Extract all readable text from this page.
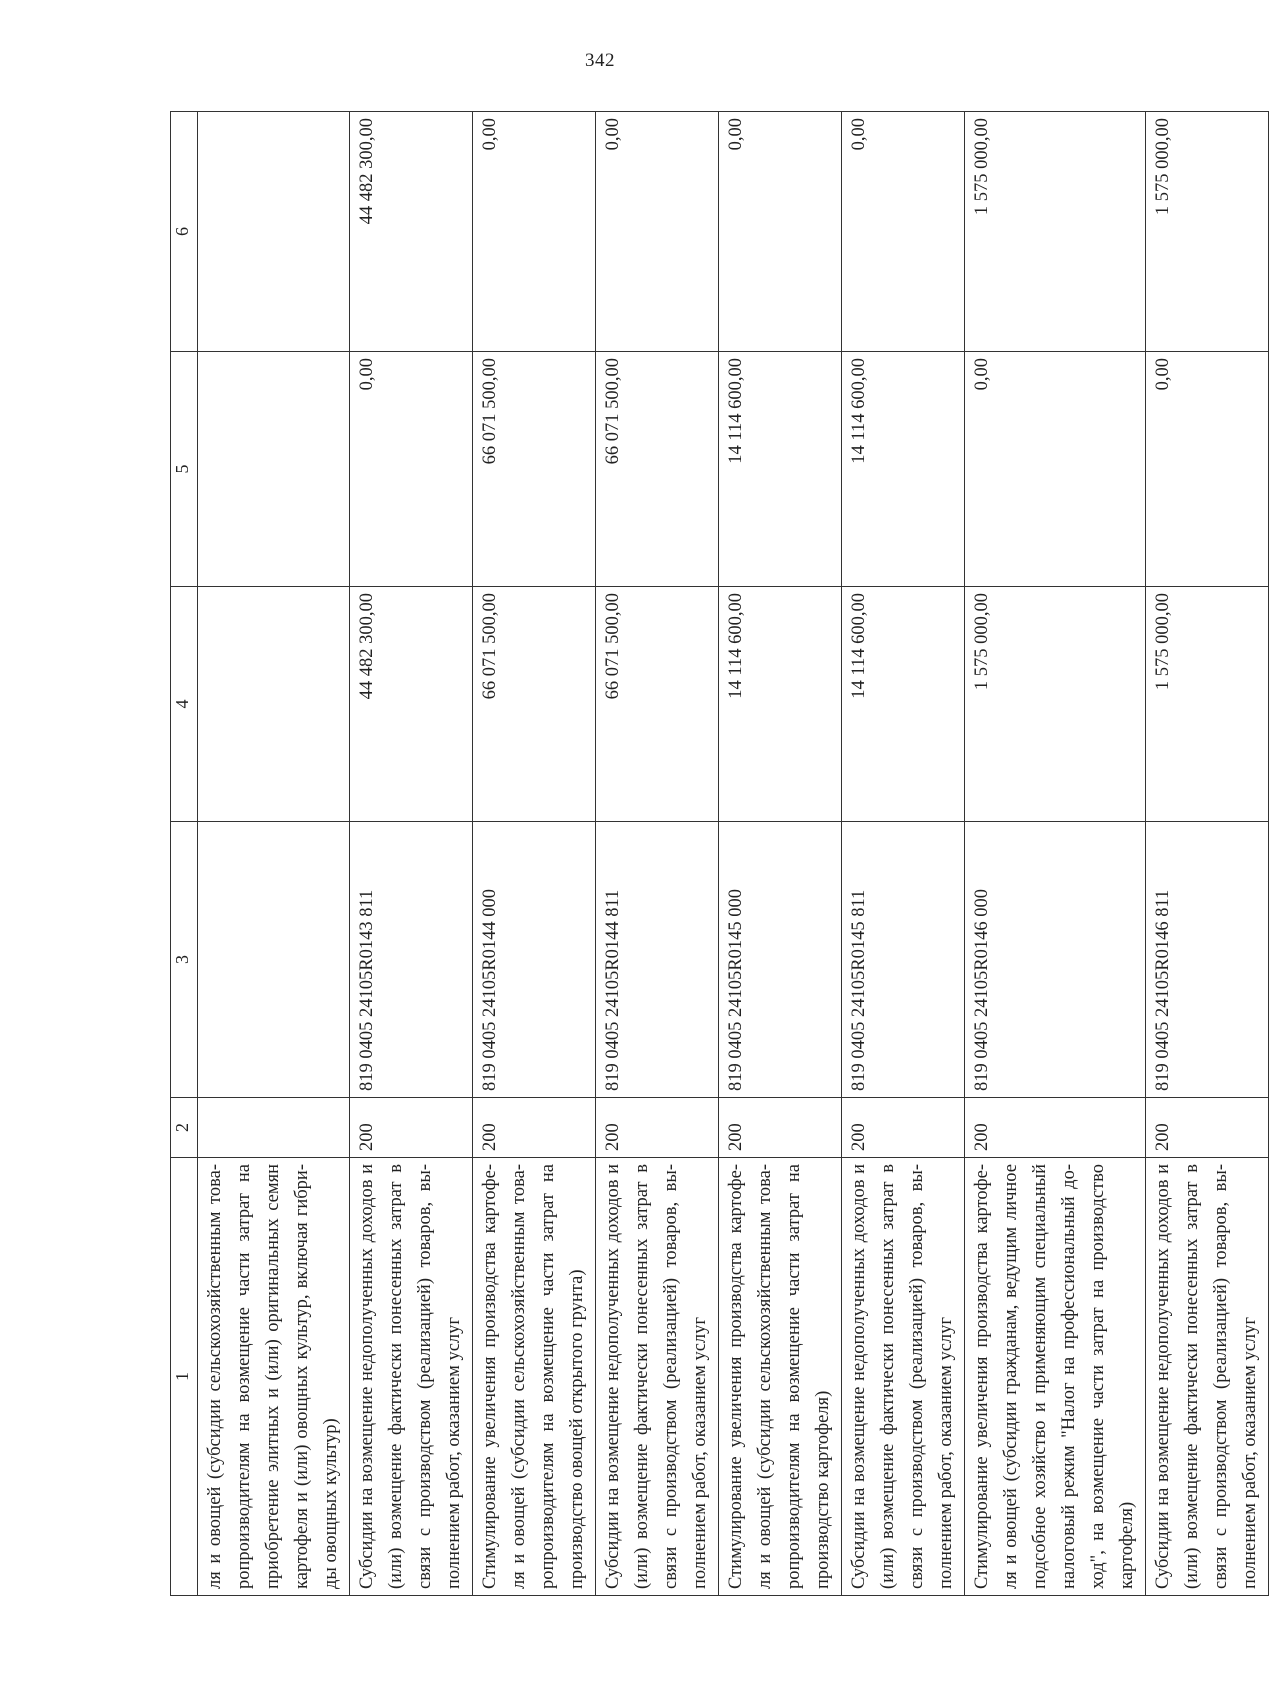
342
1	2	3	4	5	6
ля и овощей (субсидии сельскохозяйственным това-ропроизводителям на возмещение части затрат на приобретение элитных и (или) оригинальных семян картофеля и (или) овощных культур, включая гибри-ды овощных культур)					
Субсидии на возмещение недополученных доходов и (или) возмещение фактически понесенных затрат в связи с производством (реализацией) товаров, вы-полнением работ, оказанием услуг	200	819 0405 24105R0143 811	44 482 300,00	0,00	44 482 300,00
Стимулирование увеличения производства картофе-ля и овощей (субсидии сельскохозяйственным това-ропроизводителям на возмещение части затрат на производство овощей открытого грунта)	200	819 0405 24105R0144 000	66 071 500,00	66 071 500,00	0,00
Субсидии на возмещение недополученных доходов и (или) возмещение фактически понесенных затрат в связи с производством (реализацией) товаров, вы-полнением работ, оказанием услуг	200	819 0405 24105R0144 811	66 071 500,00	66 071 500,00	0,00
Стимулирование увеличения производства картофе-ля и овощей (субсидии сельскохозяйственным това-ропроизводителям на возмещение части затрат на производство картофеля)	200	819 0405 24105R0145 000	14 114 600,00	14 114 600,00	0,00
Субсидии на возмещение недополученных доходов и (или) возмещение фактически понесенных затрат в связи с производством (реализацией) товаров, вы-полнением работ, оказанием услуг	200	819 0405 24105R0145 811	14 114 600,00	14 114 600,00	0,00
Стимулирование увеличения производства картофе-ля и овощей (субсидии гражданам, ведущим личное подсобное хозяйство и применяющим специальный налоговый режим "Налог на профессиональный до-ход", на возмещение части затрат на производство картофеля)	200	819 0405 24105R0146 000	1 575 000,00	0,00	1 575 000,00
Субсидии на возмещение недополученных доходов и (или) возмещение фактически понесенных затрат в связи с производством (реализацией) товаров, вы-полнением работ, оказанием услуг	200	819 0405 24105R0146 811	1 575 000,00	0,00	1 575 000,00
